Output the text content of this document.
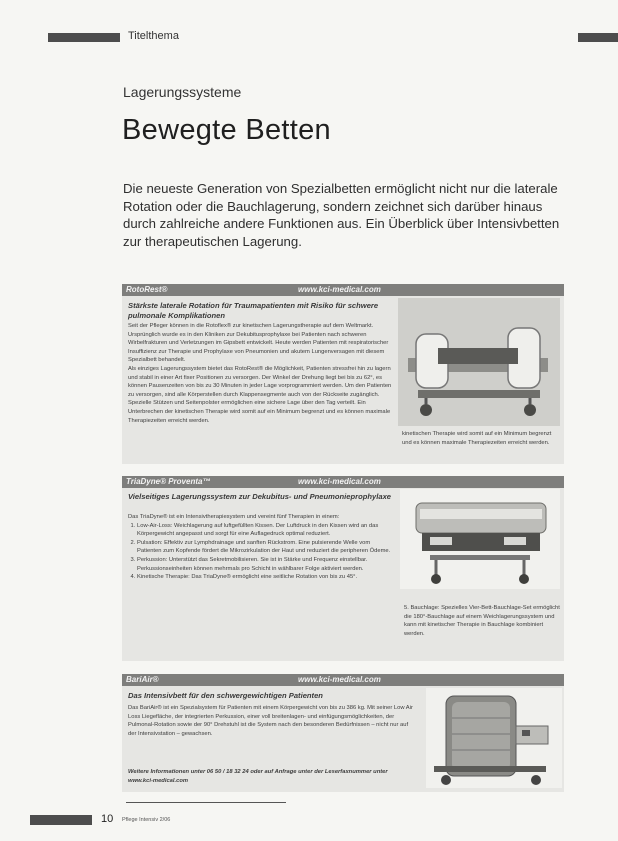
Titelthema
Lagerungssysteme
Bewegte Betten
Die neueste Generation von Spezialbetten ermöglicht nicht nur die laterale Rotation oder die Bauchlagerung, sondern zeichnet sich darüber hinaus durch zahlreiche andere Funktionen aus. Ein Überblick über Intensivbetten zur therapeutischen Lagerung.
RotoRest®	www.kci-medical.com
Stärkste laterale Rotation für Traumapatienten mit Risiko für schwere pulmonale Komplikationen

Seit der Pfleger können in die Rotoflex® zur kinetischen Lagerungstherapie auf dem Weltmarkt. Ursprünglich wurde es in den Kliniken zur Dekubitusprophylaxe bei Patienten nach schweren Wirbelfrakturen und Verletzungen im Gipsbett entwickelt. Heute werden Patienten mit respiratorischer Insuffizienz zur Therapie und Prophylaxe von Pneumonien und akutem Lungenversagen mit diesem Spezialbett behandelt.

Als einziges Lagerungssystem bietet das RotoRest® die Möglichkeit, Patienten stressfrei hin zu lagern und stabil in einer Art fixer Positionen zu versorgen. Der Winkel der Drehung liegt bei bis zu 62°, es können Pausenzeiten von bis zu 30 Minuten in jeder Lage vorprogrammiert werden. Um den Patienten zu versorgen, sind alle Körperstellen durch Klappensegmente auch von der Rückseite zugänglich. Spezielle Stützen und Seitenpolster ermöglichen eine sichere Lage über den Tag verteilt. Ein Unterbrechen der kinetischen Therapie wird somit auf ein Minimum begrenzt und es können maximale Therapiezeiten erreicht werden.

kinetischen Therapie wird somit auf ein Minimum begrenzt und es können maximale Therapiezeiten erreicht werden.
TriaDyne® Proventa™	www.kci-medical.com
Vielseitiges Lagerungssystem zur Dekubitus- und Pneumonieprophylaxe

Das TriaDyne® ist ein Intensivtherapiesystem und vereint fünf Therapien in einem:

1. Low-Air-Loss: Weichlagerung auf luftgefüllten Kissen. Der Luftdruck in den Kissen wird an das Körpergewicht angepasst und sorgt für eine Auflagedruck optimal reduziert.
2. Pulsation: Effektiv zur Lymphdrainage und sanften Rückstrom. Eine pulsierende Welle vom Patienten zum Kopfende fördert die Mikrozirkulation der Haut und reduziert die peripheren Ödeme.
3. Perkussion: Unterstützt das Sekretmobilisieren. Sie ist in Stärke und Frequenz einstellbar. Perkussionseinheiten können mehrmals pro Schicht in wählbarer Folge aktiviert werden.
4. Kinetische Therapie: Das TriaDyne® ermöglicht eine seitliche Rotation von bis zu 45°.
5. Bauchlage: Spezielles Vier-Bett-Bauchlage-Set ermöglicht die 180°-Bauchlage auf einem Weichlagerungssystem und kann mit kinetischer Therapie in Bauchlage kombiniert werden.
BariAir®	www.kci-medical.com
Das Intensivbett für den schwergewichtigen Patienten

Das BariAir® ist ein Spezialsystem für Patienten mit einem Körpergewicht von bis zu 386 kg. Mit seiner Low Air Loss Liegefläche, der integrierten Perkussion, einer voll breitenlagen- und einfügungsmöglichkeiten, der Pulmonal-Rotation sowie der 90° Drehstuhl ist die System nach den besonderen Bedürfnissen – nicht nur auf der Intensivstation – gewachsen.

Weitere Informationen unter 06 50 / 18 32 24 oder auf Anfrage unter der Leserfaxnummer unter www.kci-medical.com
10 Pflege Intensiv 2/06
